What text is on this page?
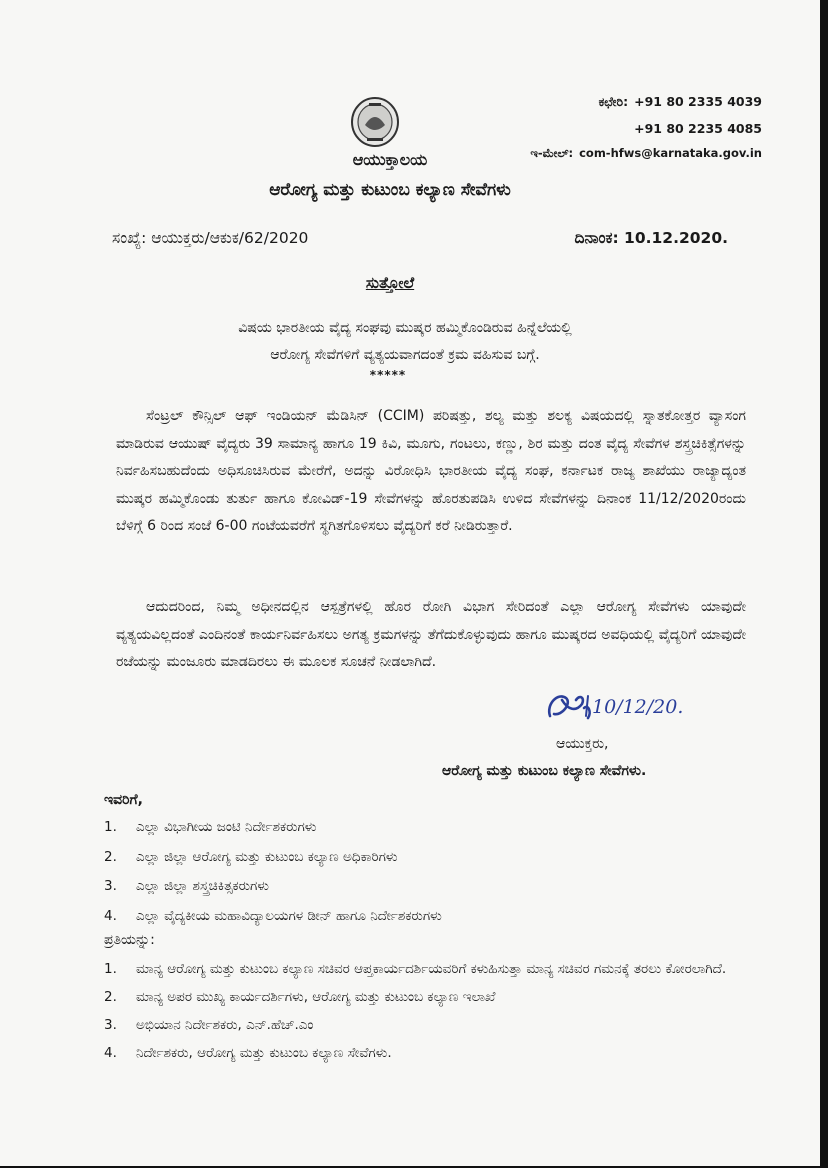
ಕಛೇರಿ: +91 80 2335 4039
+91 80 2235 4085
ಇ-ಮೇಲ್: com-hfws@karnataka.gov.in
ಆಯುಕ್ತಾಲಯ
ಆರೋಗ್ಯ ಮತ್ತು ಕುಟುಂಬ ಕಲ್ಯಾಣ ಸೇವೆಗಳು
ಸಂಖ್ಯೆ: ಆಯುಕ್ತರು/ಆಕುಕ/62/2020	ದಿನಾಂಕ: 10.12.2020.
ಸುತ್ತೋಲೆ
ವಿಷಯ ಭಾರತೀಯ ವೈದ್ಯ ಸಂಘವು ಮುಷ್ಕರ ಹಮ್ಮಿಕೊಂಡಿರುವ ಹಿನ್ನೆಲೆಯಲ್ಲಿ
ಆರೋಗ್ಯ ಸೇವೆಗಳಿಗೆ ವ್ಯತ್ಯಯವಾಗದಂತೆ ಕ್ರಮ ವಹಿಸುವ ಬಗ್ಗೆ.
*****
ಸೆಂಟ್ರಲ್ ಕೌನ್ಸಿಲ್ ಆಫ್ ಇಂಡಿಯನ್ ಮೆಡಿಸಿನ್ (CCIM) ಪರಿಷತ್ತು, ಶಲ್ಯ ಮತ್ತು ಶಲಕ್ಯ ವಿಷಯದಲ್ಲಿ ಸ್ನಾತಕೋತ್ತರ ವ್ಯಾಸಂಗ ಮಾಡಿರುವ ಆಯುಷ್ ವೈದ್ಯರು 39 ಸಾಮಾನ್ಯ ಹಾಗೂ 19 ಕಿವಿ, ಮೂಗು, ಗಂಟಲು, ಕಣ್ಣು, ಶಿರ ಮತ್ತು ದಂತ ವೈದ್ಯ ಸೇವೆಗಳ ಶಸ್ತ್ರಚಿಕಿತ್ಸೆಗಳನ್ನು ನಿರ್ವಹಿಸಬಹುದೆಂದು ಅಧಿಸೂಚಿಸಿರುವ ಮೇರೆಗೆ, ಅದನ್ನು ವಿರೋಧಿಸಿ ಭಾರತೀಯ ವೈದ್ಯ ಸಂಘ, ಕರ್ನಾಟಕ ರಾಜ್ಯ ಶಾಖೆಯು ರಾಜ್ಯಾದ್ಯಂತ ಮುಷ್ಕರ ಹಮ್ಮಿಕೊಂಡು ತುರ್ತು ಹಾಗೂ ಕೋವಿಡ್-19 ಸೇವೆಗಳನ್ನು ಹೊರತುಪಡಿಸಿ ಉಳಿದ ಸೇವೆಗಳನ್ನು ದಿನಾಂಕ 11/12/2020ರಂದು ಬೆಳಿಗ್ಗೆ 6 ರಿಂದ ಸಂಜೆ 6-00 ಗಂಟೆಯವರೆಗೆ ಸ್ಥಗಿತಗೊಳಿಸಲು ವೈದ್ಯರಿಗೆ ಕರೆ ನೀಡಿರುತ್ತಾರೆ.
ಆದುದರಿಂದ, ನಿಮ್ಮ ಅಧೀನದಲ್ಲಿನ ಆಸ್ಪತ್ರೆಗಳಲ್ಲಿ ಹೊರ ರೋಗಿ ವಿಭಾಗ ಸೇರಿದಂತೆ ಎಲ್ಲಾ ಆರೋಗ್ಯ ಸೇವೆಗಳು ಯಾವುದೇ ವ್ಯತ್ಯಯವಿಲ್ಲದಂತೆ ಎಂದಿನಂತೆ ಕಾರ್ಯನಿರ್ವಹಿಸಲು ಅಗತ್ಯ ಕ್ರಮಗಳನ್ನು ತೆಗೆದುಕೊಳ್ಳುವುದು ಹಾಗೂ ಮುಷ್ಕರದ ಅವಧಿಯಲ್ಲಿ ವೈದ್ಯರಿಗೆ ಯಾವುದೇ ರಜೆಯನ್ನು ಮಂಜೂರು ಮಾಡದಿರಲು ಈ ಮೂಲಕ ಸೂಚನೆ ನೀಡಲಾಗಿದೆ.
10/12/20.
ಆಯುಕ್ತರು,
ಆರೋಗ್ಯ ಮತ್ತು ಕುಟುಂಬ ಕಲ್ಯಾಣ ಸೇವೆಗಳು.
ಇವರಿಗೆ,
1.	ಎಲ್ಲಾ ವಿಭಾಗೀಯ ಜಂಟಿ ನಿರ್ದೇಶಕರುಗಳು
2.	ಎಲ್ಲಾ ಜಿಲ್ಲಾ ಆರೋಗ್ಯ ಮತ್ತು ಕುಟುಂಬ ಕಲ್ಯಾಣ ಅಧಿಕಾರಿಗಳು
3.	ಎಲ್ಲಾ ಜಿಲ್ಲಾ ಶಸ್ತ್ರಚಿಕಿತ್ಸಕರುಗಳು
4.	ಎಲ್ಲಾ ವೈದ್ಯಕೀಯ ಮಹಾವಿದ್ಯಾಲಯಗಳ ಡೀನ್ ಹಾಗೂ ನಿರ್ದೇಶಕರುಗಳು
ಪ್ರತಿಯನ್ನು:
1.	ಮಾನ್ಯ ಆರೋಗ್ಯ ಮತ್ತು ಕುಟುಂಬ ಕಲ್ಯಾಣ ಸಚಿವರ ಆಪ್ತಕಾರ್ಯದರ್ಶಿಯವರಿಗೆ ಕಳುಹಿಸುತ್ತಾ ಮಾನ್ಯ ಸಚಿವರ ಗಮನಕ್ಕೆ ತರಲು ಕೋರಲಾಗಿದೆ.
2.	ಮಾನ್ಯ ಅಪರ ಮುಖ್ಯ ಕಾರ್ಯದರ್ಶಿಗಳು, ಆರೋಗ್ಯ ಮತ್ತು ಕುಟುಂಬ ಕಲ್ಯಾಣ ಇಲಾಖೆ
3.	ಅಭಿಯಾನ ನಿರ್ದೇಶಕರು, ಎನ್.ಹೆಚ್.ಎಂ
4.	ನಿರ್ದೇಶಕರು, ಆರೋಗ್ಯ ಮತ್ತು ಕುಟುಂಬ ಕಲ್ಯಾಣ ಸೇವೆಗಳು.
